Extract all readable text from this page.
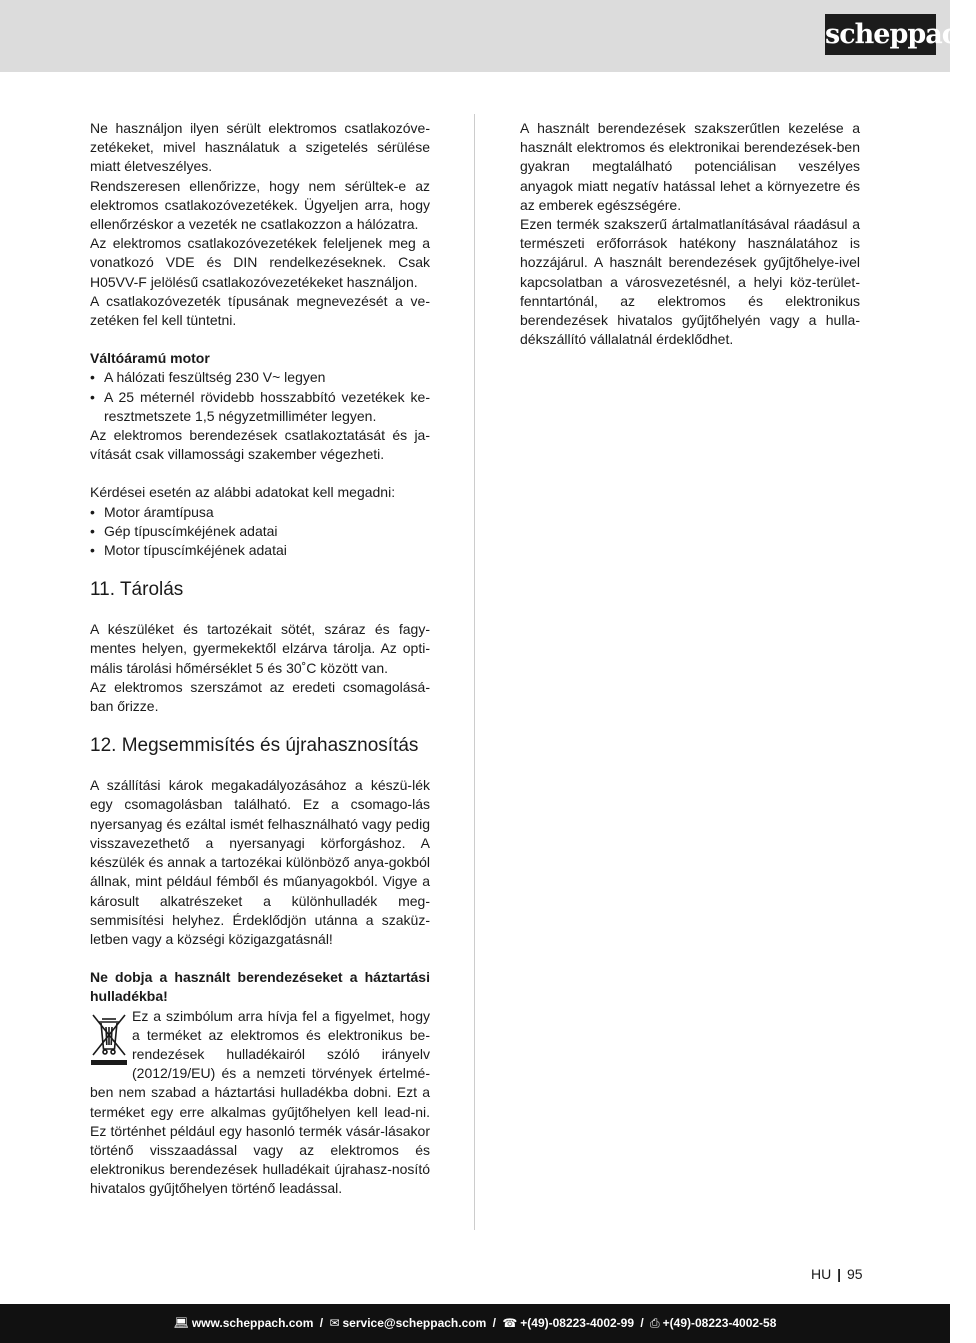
scheppach

Ne használjon ilyen sérült elektromos csatlakozóve-zetékeket, mivel használatuk a szigetelés sérülése miatt életveszélyes.

Rendszeresen ellenőrizze, hogy nem sérültek-e az elektromos csatlakozóvezetékek. Ügyeljen arra, hogy ellenőrzéskor a vezeték ne csatlakozzon a hálózatra.

Az elektromos csatlakozóvezetékek feleljenek meg a vonatkozó VDE és DIN rendelkezéseknek. Csak H05VV-F jelölésű csatlakozóvezetékeket használjon.

A csatlakozóvezeték típusának megnevezését a ve-zetéken fel kell tüntetni.

Váltóáramú motor

• A hálózati feszültség 230 V~ legyen
• A 25 méternél rövidebb hosszabbító vezetékek ke-resztmetszete 1,5 négyzetmilliméter legyen.

Az elektromos berendezések csatlakoztatását és ja-vítását csak villamossági szakember végezheti.

Kérdései esetén az alábbi adatokat kell megadni:

• Motor áramtípusa
• Gép típuscímkéjének adatai
• Motor típuscímkéjének adatai
11. Tárolás

A készüléket és tartozékait sötét, száraz és fagy-mentes helyen, gyermekektől elzárva tárolja. Az opti-mális tárolási hőmérséklet 5 és 30˚C között van.

Az elektromos szerszámot az eredeti csomagolásá-ban őrizze.

12. Megsemmisítés és újrahasznosítás

A szállítási károk megakadályozásához a készü-lék egy csomagolásban található. Ez a csomago-lás nyersanyag és ezáltal ismét felhasználható vagy pedig visszavezethető a nyersanyagi körforgáshoz. A készülék és annak a tartozékai különböző anya-gokból állnak, mint például fémből és műanyagokból. Vigye a károsult alkatrészeket a különhulladék meg-semmisítési helyhez. Érdeklődjön utánna a szaküz-letben vagy a községi közigazgatásnál!

Ne dobja a használt berendezéseket a háztartási hulladékba!

Ez a szimbólum arra hívja fel a figyelmet, hogy a terméket az elektromos és elektronikus be-rendezések hulladékairól szóló irányelv (2012/19/EU) és a nemzeti törvények értelmé-ben nem szabad a háztartási hulladékba dobni. Ezt a terméket egy erre alkalmas gyűjtőhelyen kell lead-ni. Ez történhet például egy hasonló termék vásár-lásakor történő visszaadással vagy az elektromos és elektronikus berendezések hulladékait újrahasz-nosító hivatalos gyűjtőhelyen történő leadással.

A használt berendezések szakszerűtlen kezelése a használt elektromos és elektronikai berendezések-ben gyakran megtalálható potenciálisan veszélyes anyagok miatt negatív hatással lehet a környezetre és az emberek egészségére.

Ezen termék szakszerű ártalmatlanításával ráadásul a természeti erőforrások hatékony használatához is hozzájárul. A használt berendezések gyűjtőhelye-ivel kapcsolatban a városvezetésnél, a helyi köz-terület-fenntartónál, az elektromos és elektronikus berendezések hivatalos gyűjtőhelyén vagy a hulla-dékszállító vállalatnál érdeklődhet.

HU | 95
💻︎ www.scheppach.com / ✉︎ service@scheppach.com / ☎︎ +(49)-08223-4002-99 / ⎙ +(49)-08223-4002-58
